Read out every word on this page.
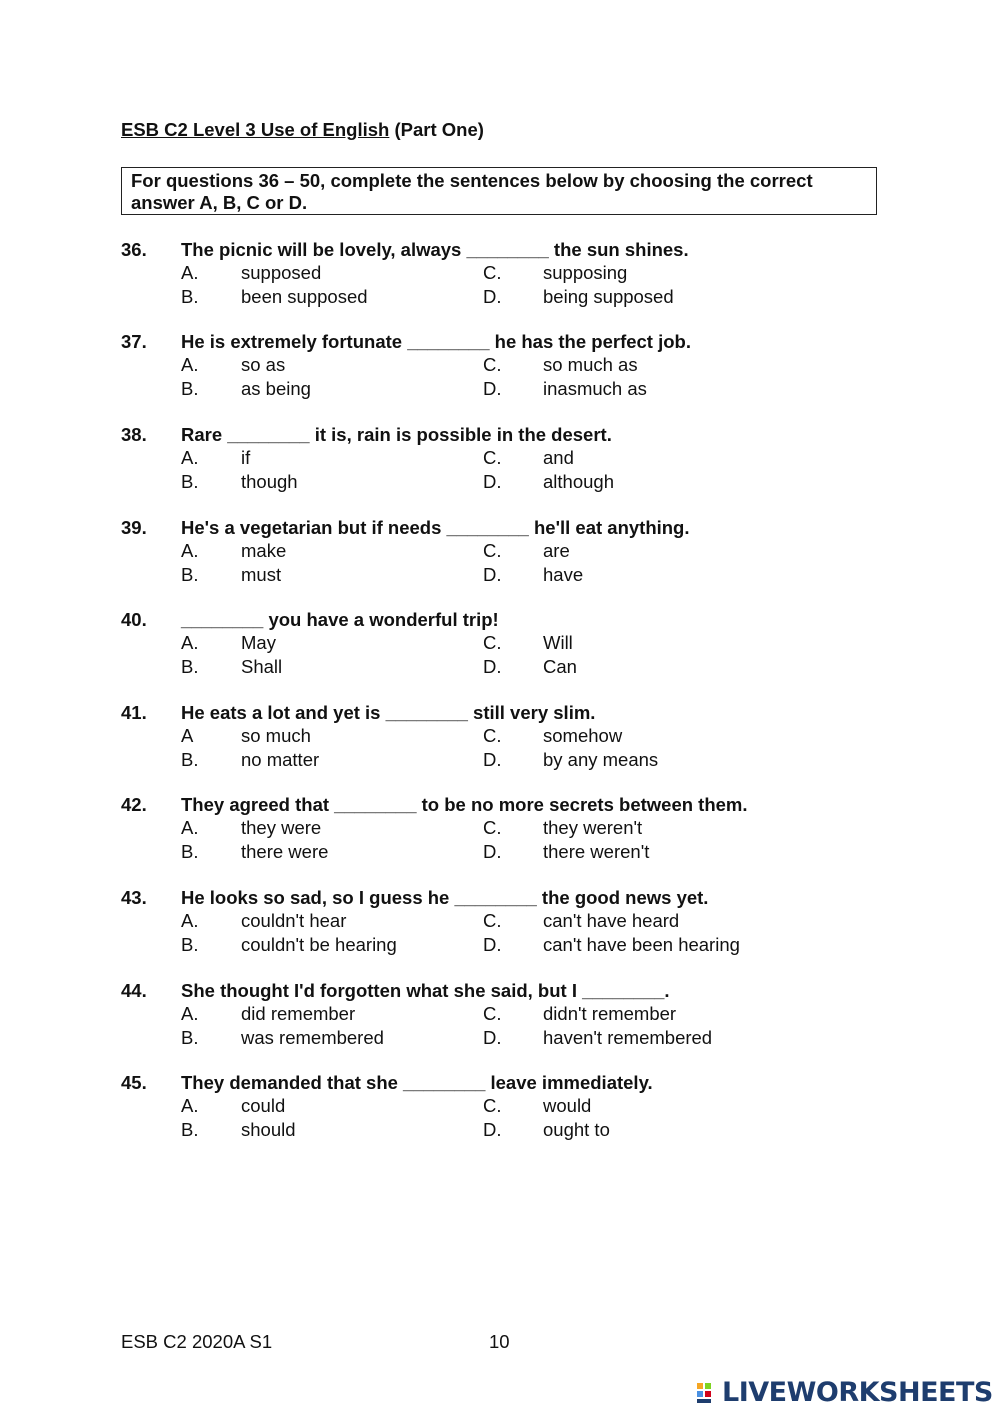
ESB C2 Level 3 Use of English (Part One)
For questions 36 – 50, complete the sentences below by choosing the correct answer A, B, C or D.
36.	The picnic will be lovely, always ________ the sun shines.
A.	supposed	C.	supposing
B.	been supposed	D.	being supposed
37.	He is extremely fortunate ________ he has the perfect job.
A.	so as	C.	so much as
B.	as being	D.	inasmuch as
38.	Rare ________ it is, rain is possible in the desert.
A.	if	C.	and
B.	though	D.	although
39.	He's a vegetarian but if needs ________ he'll eat anything.
A.	make	C.	are
B.	must	D.	have
40.	________ you have a wonderful trip!
A.	May	C.	Will
B.	Shall	D.	Can
41.	He eats a lot and yet is ________ still very slim.
A	so much	C.	somehow
B.	no matter	D.	by any means
42.	They agreed that ________ to be no more secrets between them.
A.	they were	C.	they weren't
B.	there were	D.	there weren't
43.	He looks so sad, so I guess he ________ the good news yet.
A.	couldn't hear	C.	can't have heard
B.	couldn't be hearing	D.	can't have been hearing
44.	She thought I'd forgotten what she said, but I ________.
A.	did remember	C.	didn't remember
B.	was remembered	D.	haven't remembered
45.	They demanded that she ________ leave immediately.
A.	could	C.	would
B.	should	D.	ought to
ESB C2 2020A S1	10
LIVEWORKSHEETS
